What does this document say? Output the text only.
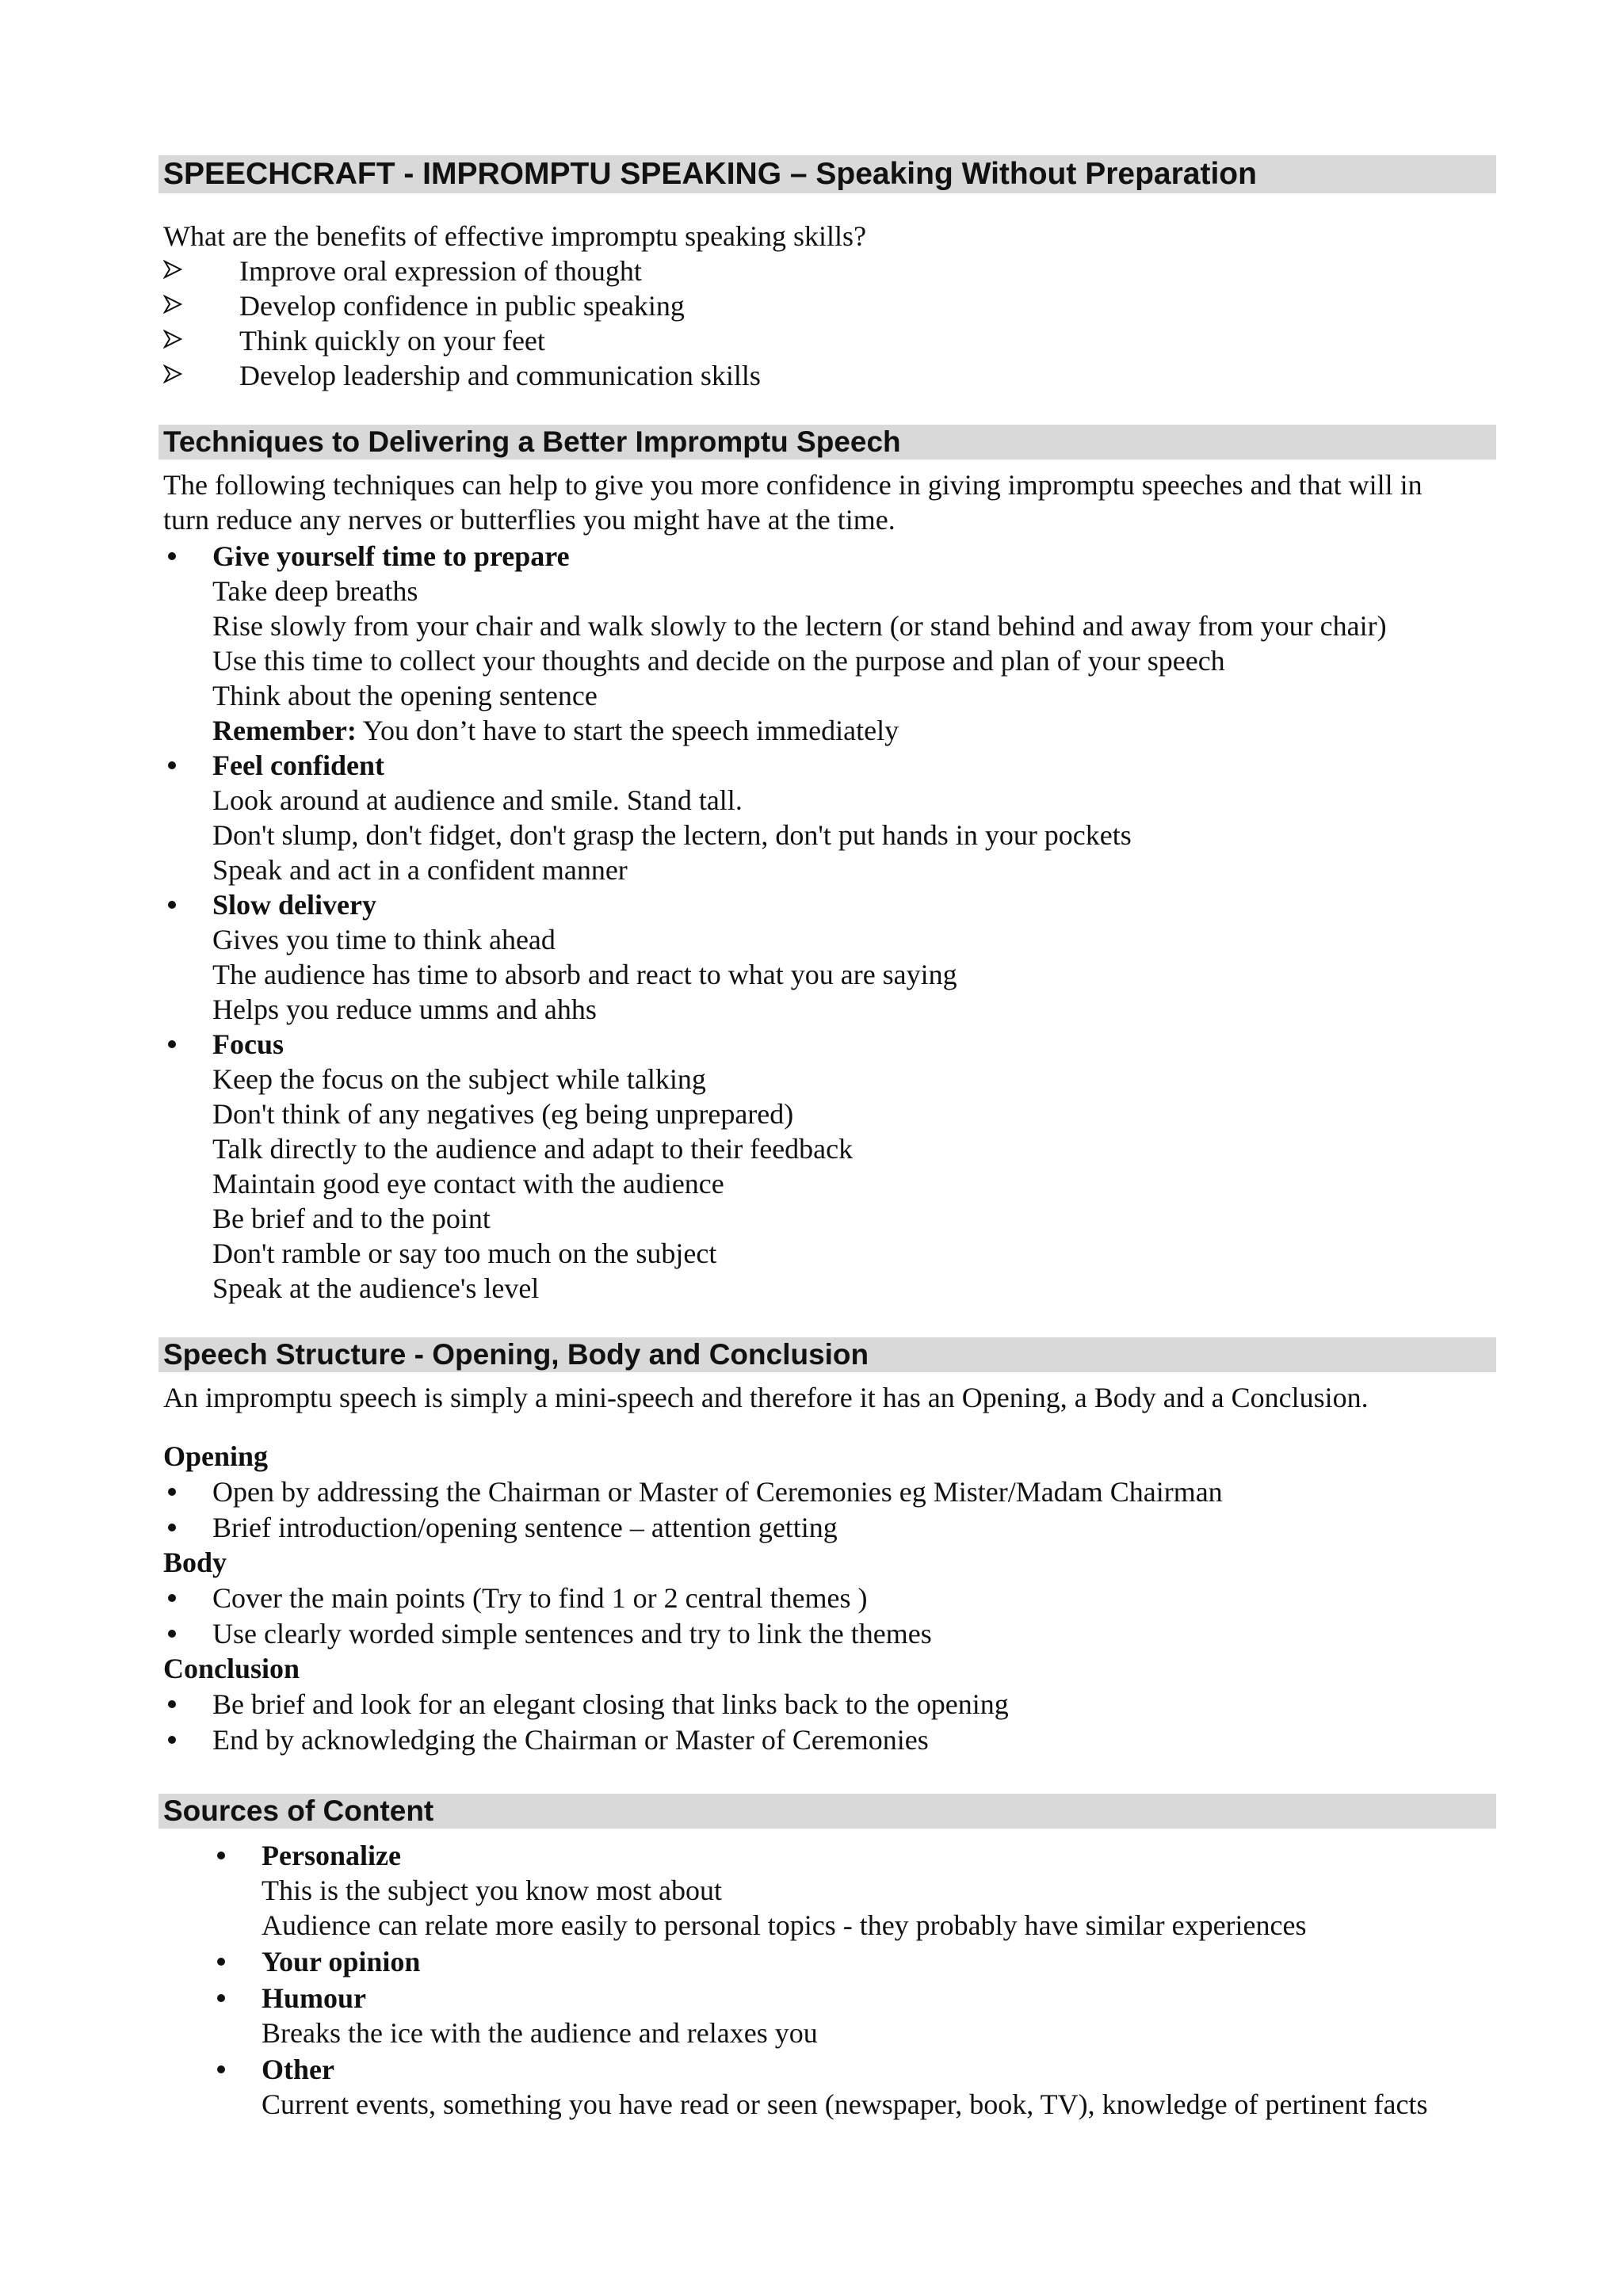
SPEECHCRAFT - IMPROMPTU SPEAKING – Speaking Without Preparation
What are the benefits of effective impromptu speaking skills?
Improve oral expression of thought
Develop confidence in public speaking
Think quickly on your feet
Develop leadership and communication skills
Techniques to Delivering a Better Impromptu Speech
The following techniques can help to give you more confidence in giving impromptu speeches and that will in
turn reduce any nerves or butterflies you might have at the time.
Give yourself time to prepare
Take deep breaths
Rise slowly from your chair and walk slowly to the lectern (or stand behind and away from your chair)
Use this time to collect your thoughts and decide on the purpose and plan of your speech
Think about the opening sentence
Remember: You don’t have to start the speech immediately
Feel confident
Look around at audience and smile. Stand tall.
Don't slump, don't fidget, don't grasp the lectern, don't put hands in your pockets
Speak and act in a confident manner
Slow delivery
Gives you time to think ahead
The audience has time to absorb and react to what you are saying
Helps you reduce umms and ahhs
Focus
Keep the focus on the subject while talking
Don't think of any negatives (eg being unprepared)
Talk directly to the audience and adapt to their feedback
Maintain good eye contact with the audience
Be brief and to the point
Don't ramble or say too much on the subject
Speak at the audience's level
Speech Structure - Opening, Body and Conclusion
An impromptu speech is simply a mini-speech and therefore it has an Opening, a Body and a Conclusion.
Opening
Open by addressing the Chairman or Master of Ceremonies eg Mister/Madam Chairman
Brief introduction/opening sentence – attention getting
Body
Cover the main points (Try to find 1 or 2 central themes )
Use clearly worded simple sentences and try to link the themes
Conclusion
Be brief and look for an elegant closing that links back to the opening
End by acknowledging the Chairman or Master of Ceremonies
Sources of Content
Personalize
This is the subject you know most about
Audience can relate more easily to personal topics - they probably have similar experiences
Your opinion
Humour
Breaks the ice with the audience and relaxes you
Other
Current events, something you have read or seen (newspaper, book, TV), knowledge of pertinent facts
